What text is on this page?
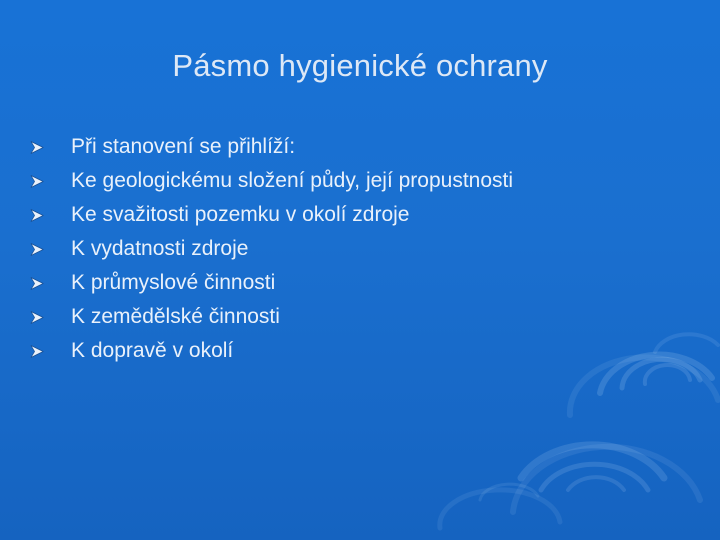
Pásmo hygienické ochrany
Při stanovení se přihlíží:
Ke geologickému složení půdy, její propustnosti
Ke svažitosti pozemku v okolí zdroje
K vydatnosti zdroje
K průmyslové činnosti
K zemědělské činnosti
K dopravě v okolí
